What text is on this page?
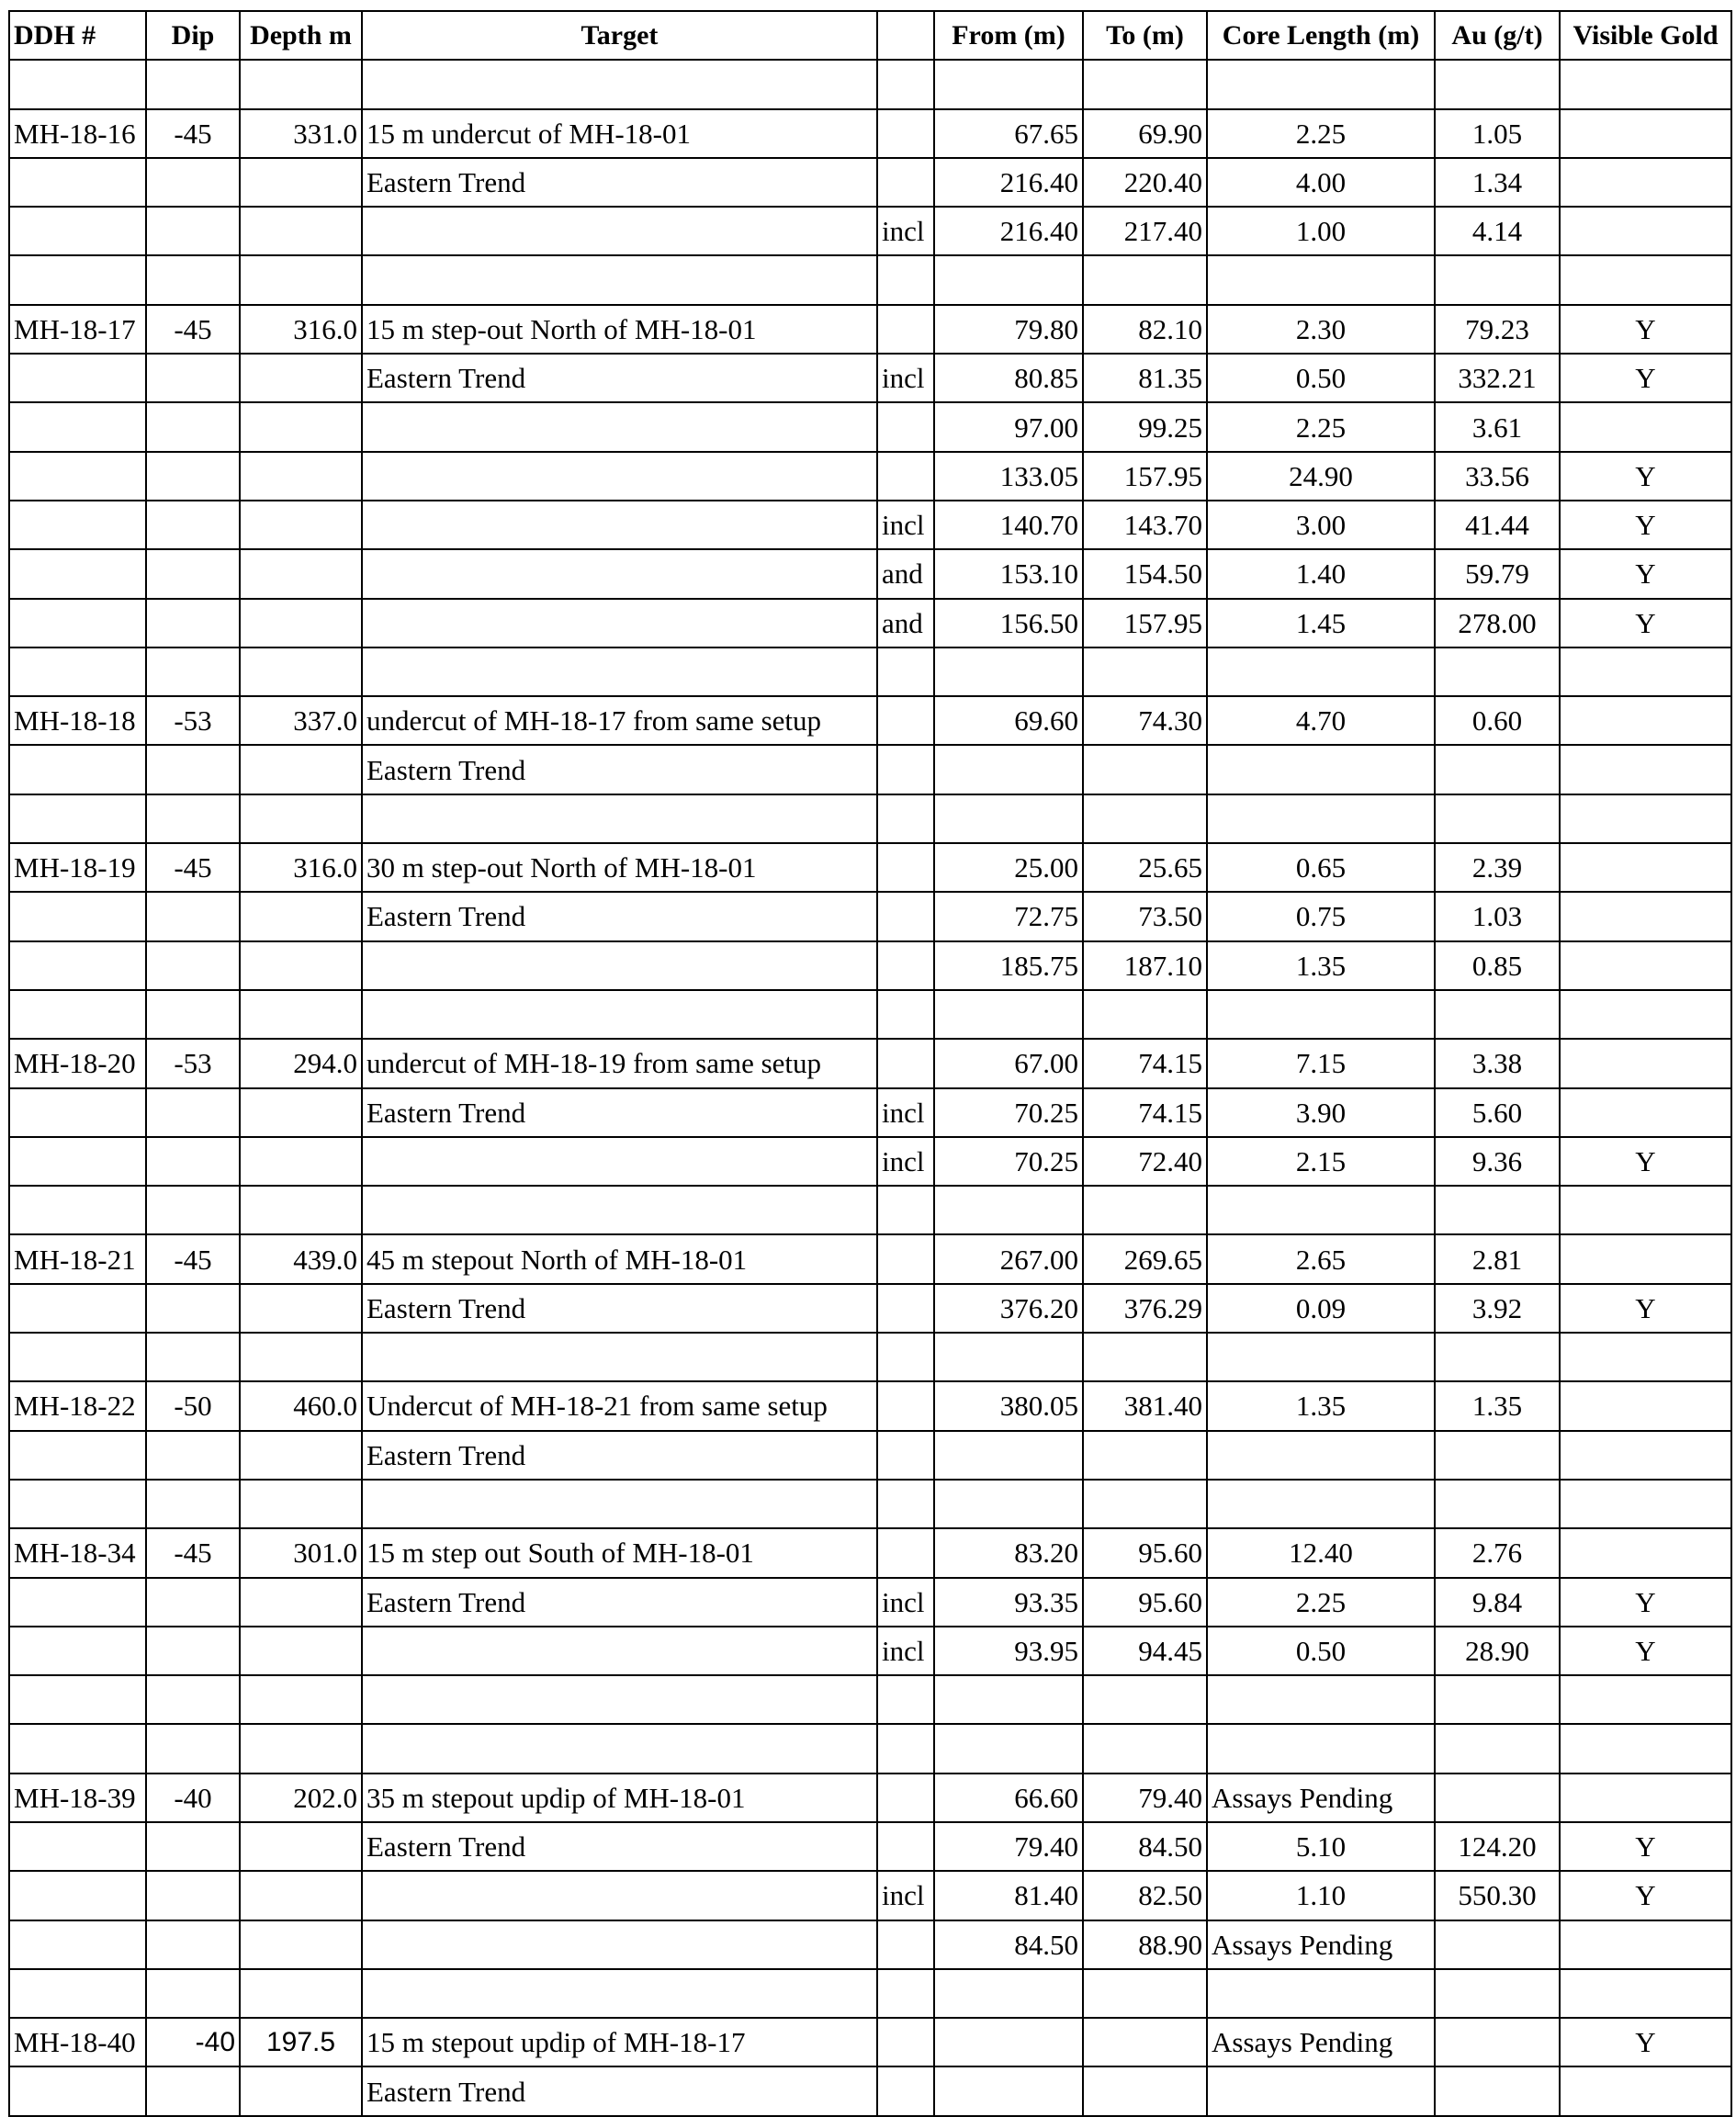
DDH #	Dip	Depth m	Target		From (m)	To (m)	Core Length (m)	Au (g/t)	Visible Gold

MH-18-16	-45	331.0	15 m undercut of MH-18-01		67.65	69.90	2.25	1.05	
			Eastern Trend		216.40	220.40	4.00	1.34	
				incl	216.40	217.40	1.00	4.14	

MH-18-17	-45	316.0	15 m step-out North of MH-18-01		79.80	82.10	2.30	79.23	Y
			Eastern Trend	incl	80.85	81.35	0.50	332.21	Y
					97.00	99.25	2.25	3.61	
					133.05	157.95	24.90	33.56	Y
				incl	140.70	143.70	3.00	41.44	Y
				and	153.10	154.50	1.40	59.79	Y
				and	156.50	157.95	1.45	278.00	Y

MH-18-18	-53	337.0	undercut of MH-18-17 from same setup		69.60	74.30	4.70	0.60	
			Eastern Trend						

MH-18-19	-45	316.0	30 m step-out North of MH-18-01		25.00	25.65	0.65	2.39	
			Eastern Trend		72.75	73.50	0.75	1.03	
					185.75	187.10	1.35	0.85	

MH-18-20	-53	294.0	undercut of MH-18-19 from same setup		67.00	74.15	7.15	3.38	
			Eastern Trend	incl	70.25	74.15	3.90	5.60	
				incl	70.25	72.40	2.15	9.36	Y

MH-18-21	-45	439.0	45 m stepout North of MH-18-01		267.00	269.65	2.65	2.81	
			Eastern Trend		376.20	376.29	0.09	3.92	Y

MH-18-22	-50	460.0	Undercut of MH-18-21 from same setup		380.05	381.40	1.35	1.35	
			Eastern Trend						

MH-18-34	-45	301.0	15 m step out South of MH-18-01		83.20	95.60	12.40	2.76	
			Eastern Trend	incl	93.35	95.60	2.25	9.84	Y
				incl	93.95	94.45	0.50	28.90	Y

MH-18-39	-40	202.0	35 m stepout updip of MH-18-01		66.60	79.40	Assays Pending		
			Eastern Trend		79.40	84.50	5.10	124.20	Y
				incl	81.40	82.50	1.10	550.30	Y
					84.50	88.90	Assays Pending		

MH-18-40	-40	197.5	15 m stepout updip of MH-18-17				Assays Pending		Y
			Eastern Trend						
